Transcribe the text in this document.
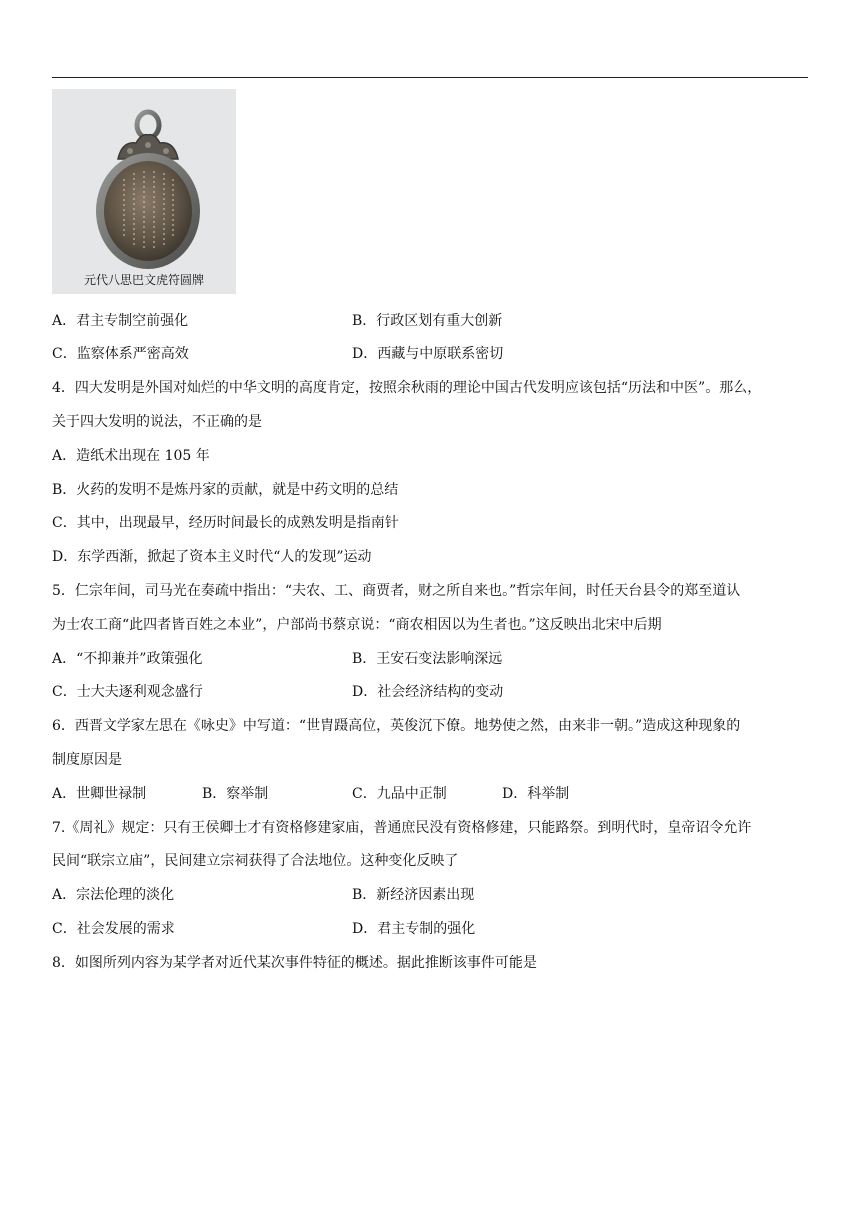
元代八思巴文虎符圆牌
A．君主专制空前强化	B．行政区划有重大创新
C．监察体系严密高效	D．西藏与中原联系密切
4．四大发明是外国对灿烂的中华文明的高度肯定，按照余秋雨的理论中国古代发明应该包括“历法和中医”。那么，
关于四大发明的说法，不正确的是
A．造纸术出现在 105 年
B．火药的发明不是炼丹家的贡献，就是中药文明的总结
C．其中，出现最早，经历时间最长的成熟发明是指南针
D．东学西渐，掀起了资本主义时代“人的发现”运动
5．仁宗年间，司马光在奏疏中指出：“夫农、工、商贾者，财之所自来也。”哲宗年间，时任天台县令的郑至道认
为士农工商“此四者皆百姓之本业”，户部尚书蔡京说：“商农相因以为生者也。”这反映出北宋中后期
A．“不抑兼并”政策强化	B．王安石变法影响深远
C．士大夫逐利观念盛行	D．社会经济结构的变动
6．西晋文学家左思在《咏史》中写道：“世胄蹑高位，英俊沉下僚。地势使之然，由来非一朝。”造成这种现象的
制度原因是
A．世卿世禄制	B．察举制	C．九品中正制	D．科举制
7.《周礼》规定：只有王侯卿士才有资格修建家庙，普通庶民没有资格修建，只能路祭。到明代时，皇帝诏令允许
民间“联宗立庙”，民间建立宗祠获得了合法地位。这种变化反映了
A．宗法伦理的淡化	B．新经济因素出现
C．社会发展的需求	D．君主专制的强化
8．如图所列内容为某学者对近代某次事件特征的概述。据此推断该事件可能是
